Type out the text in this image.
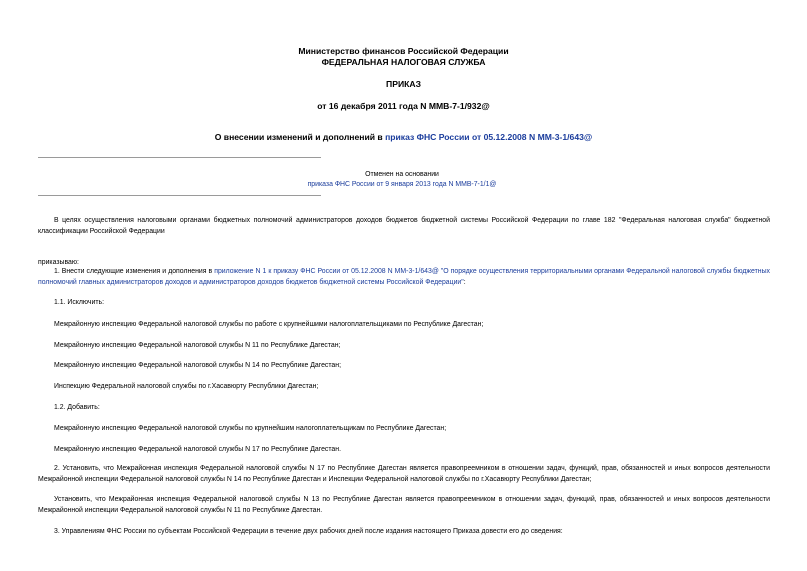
Министерство финансов Российской Федерации
ФЕДЕРАЛЬНАЯ НАЛОГОВАЯ СЛУЖБА
ПРИКАЗ
от 16 декабря 2011 года N ММВ-7-1/932@
О внесении изменений и дополнений в приказ ФНС России от 05.12.2008 N ММ-3-1/643@
Отменен на основании
приказа ФНС России от 9 января 2013 года N ММВ-7-1/1@
В целях осуществления налоговыми органами бюджетных полномочий администраторов доходов бюджетов бюджетной системы Российской Федерации по главе 182 "Федеральная налоговая служба" бюджетной классификации Российской Федерации
приказываю:
1. Внести следующие изменения и дополнения в приложение N 1 к приказу ФНС России от 05.12.2008 N ММ-3-1/643@ "О порядке осуществления территориальными органами Федеральной налоговой службы бюджетных полномочий главных администраторов доходов и администраторов доходов бюджетов бюджетной системы Российской Федерации":
1.1. Исключить:
Межрайонную инспекцию Федеральной налоговой службы по работе с крупнейшими налогоплательщиками по Республике Дагестан;
Межрайонную инспекцию Федеральной налоговой службы N 11 по Республике Дагестан;
Межрайонную инспекцию Федеральной налоговой службы N 14 по Республике Дагестан;
Инспекцию Федеральной налоговой службы по г.Хасавюрту Республики Дагестан;
1.2. Добавить:
Межрайонную инспекцию Федеральной налоговой службы по крупнейшим налогоплательщикам по Республике Дагестан;
Межрайонную инспекцию Федеральной налоговой службы N 17 по Республике Дагестан.
2. Установить, что Межрайонная инспекция Федеральной налоговой службы N 17 по Республике Дагестан является правопреемником в отношении задач, функций, прав, обязанностей и иных вопросов деятельности Межрайонной инспекции Федеральной налоговой службы N 14 по Республике Дагестан и Инспекции Федеральной налоговой службы по г.Хасавюрту Республики Дагестан;
Установить, что Межрайонная инспекция Федеральной налоговой службы N 13 по Республике Дагестан является правопреемником в отношении задач, функций, прав, обязанностей и иных вопросов деятельности Межрайонной инспекции Федеральной налоговой службы N 11 по Республике Дагестан.
3. Управлениям ФНС России по субъектам Российской Федерации в течение двух рабочих дней после издания настоящего Приказа довести его до сведения:
